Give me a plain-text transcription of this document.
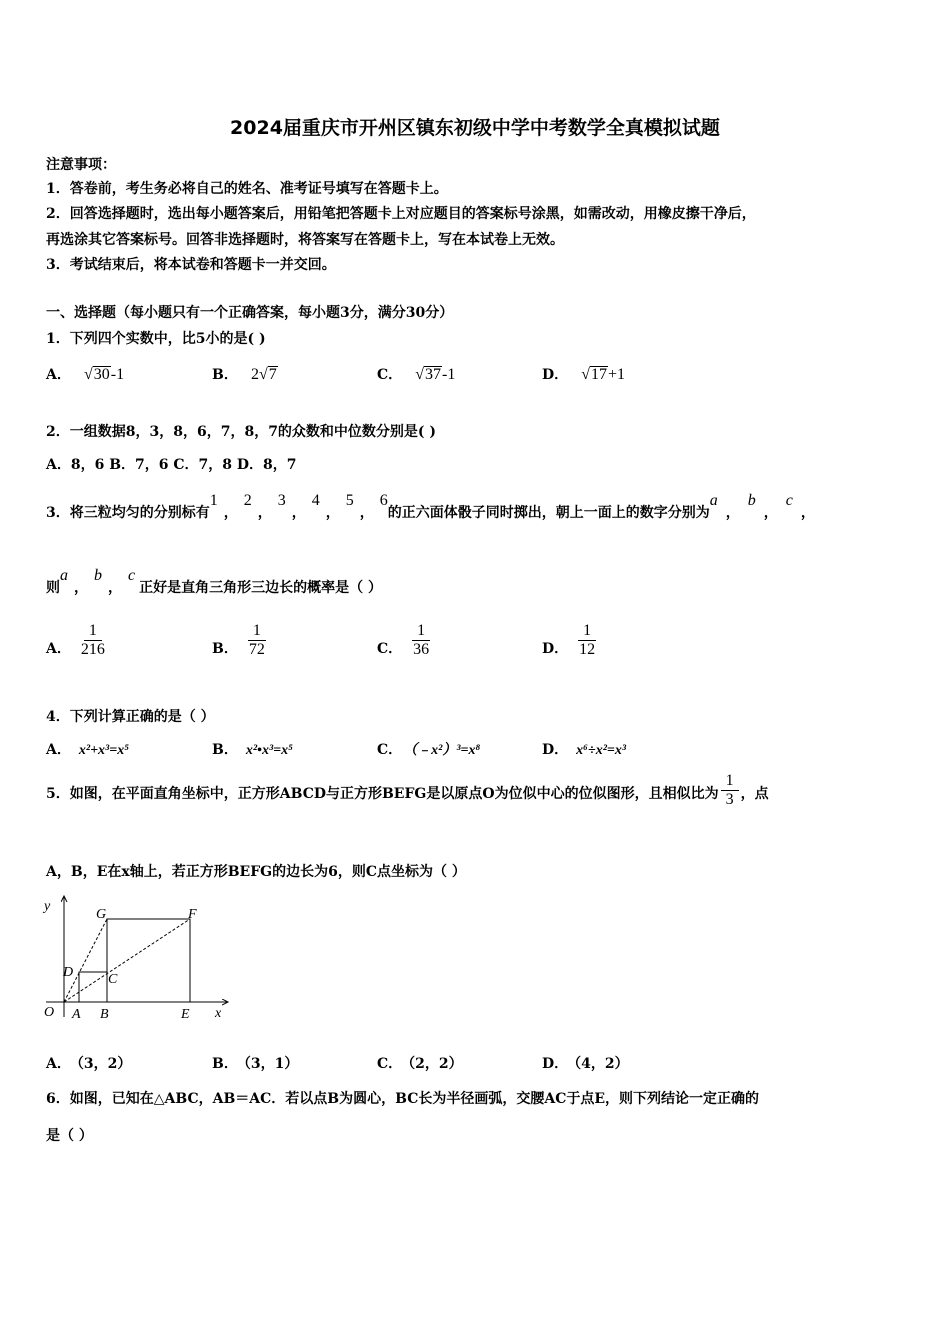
2024届重庆市开州区镇东初级中学中考数学全真模拟试题
注意事项：
1．答卷前，考生务必将自己的姓名、准考证号填写在答题卡上。
2．回答选择题时，选出每小题答案后，用铅笔把答题卡上对应题目的答案标号涂黑，如需改动，用橡皮擦干净后，
再选涂其它答案标号。回答非选择题时，将答案写在答题卡上，写在本试卷上无效。
3．考试结束后，将本试卷和答题卡一并交回。
一、选择题（每小题只有一个正确答案，每小题3分，满分30分）
1．下列四个实数中，比5小的是( )
A． √30-1	B． 2√7	C． √37-1	D． √17+1
2．一组数据8，3，8，6，7，8，7的众数和中位数分别是( )
A．8，6 B．7，6 C．7，8 D．8，7
3．将三粒均匀的分别标有1，2，3，4，5，6的正六面体骰子同时掷出，朝上一面上的数字分别为a，b，c，
则a，b，c正好是直角三角形三边长的概率是（ ）
A． $\frac{1}{216}$	B． $\frac{1}{72}$	C． $\frac{1}{36}$	D． $\frac{1}{12}$
4．下列计算正确的是（ ）
A． x²+x³=x⁵	B． x²•x³=x⁵	C． （﹣x²）³=x⁸	D． x⁶÷x²=x³
5．如图，在平面直角坐标中，正方形ABCD与正方形BEFG是以原点O为位似中心的位似图形，且相似比为 $\frac{1}{3}$ ，点
A，B，E在x轴上，若正方形BEFG的边长为6，则C点坐标为（ ）
y
x
O A B	E
G	F
D C
A． （3，2）	B． （3，1）	C． （2，2）	D． （4，2）
6．如图，已知在△ABC，AB＝AC．若以点B为圆心，BC长为半径画弧，交腰AC于点E，则下列结论一定正确的
是（ ）
